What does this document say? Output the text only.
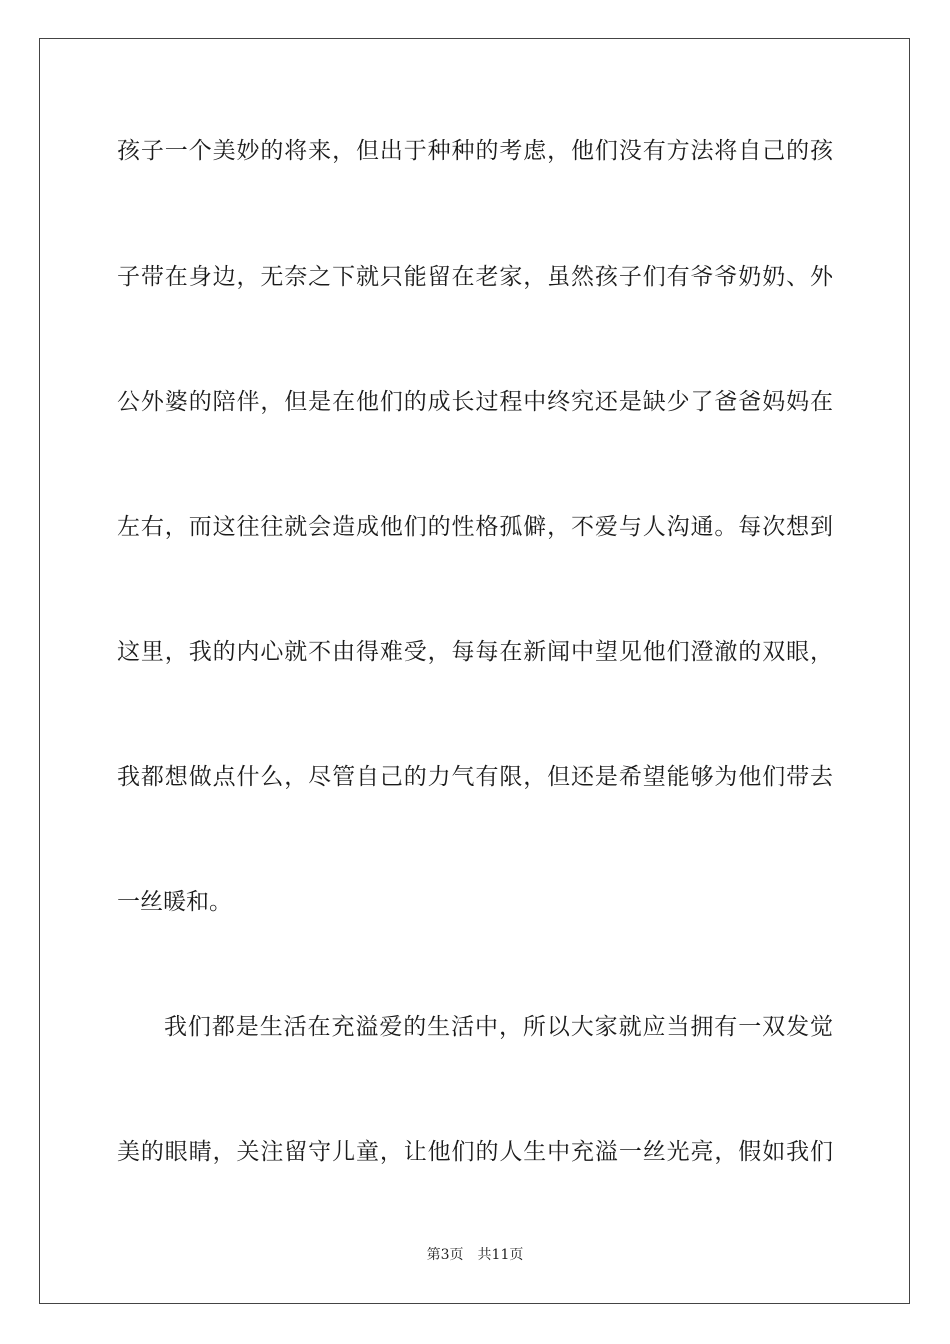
孩子一个美妙的将来，但出于种种的考虑，他们没有方法将自己的孩
子带在身边，无奈之下就只能留在老家，虽然孩子们有爷爷奶奶、外
公外婆的陪伴，但是在他们的成长过程中终究还是缺少了爸爸妈妈在
左右，而这往往就会造成他们的性格孤僻，不爱与人沟通。每次想到
这里，我的内心就不由得难受，每每在新闻中望见他们澄澈的双眼，
我都想做点什么，尽管自己的力气有限，但还是希望能够为他们带去
一丝暖和。
我们都是生活在充溢爱的生活中，所以大家就应当拥有一双发觉
美的眼睛，关注留守儿童，让他们的人生中充溢一丝光亮，假如我们
第3页 共11页
